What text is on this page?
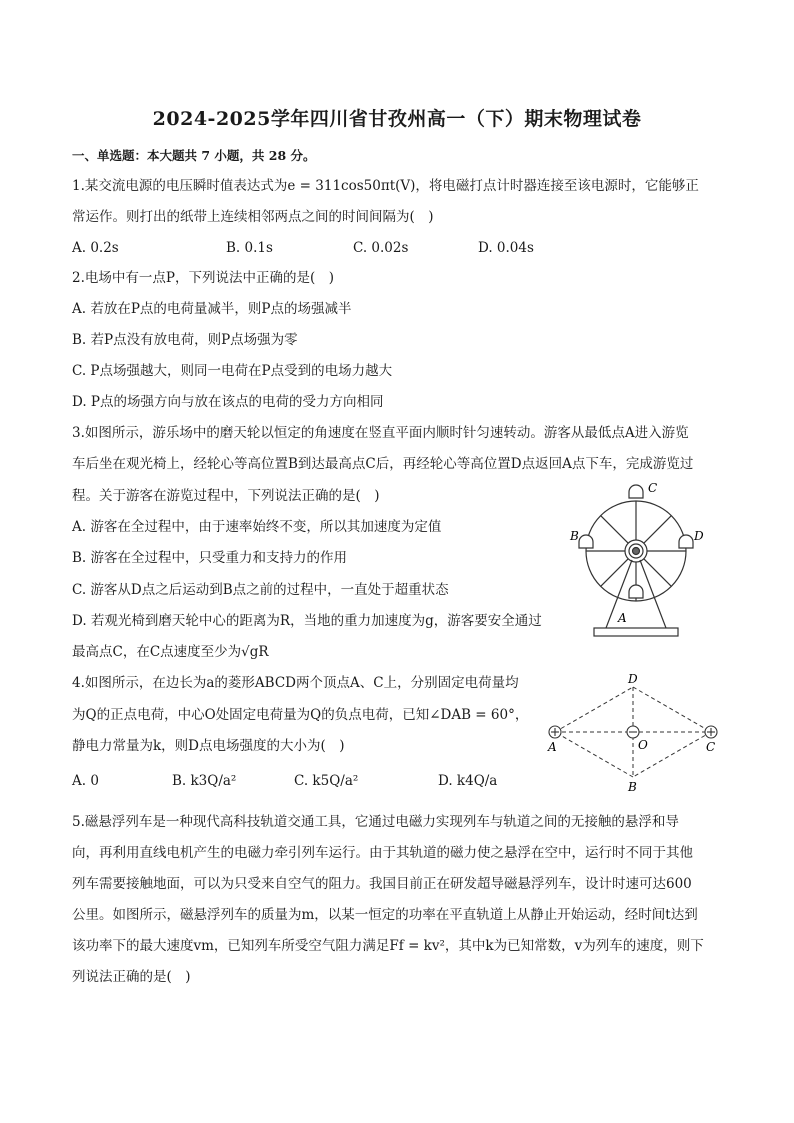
2024-2025学年四川省甘孜州高一（下）期末物理试卷
一、单选题：本大题共 7 小题，共 28 分。
1.某交流电源的电压瞬时值表达式为e = 311cos50πt(V)，将电磁打点计时器连接至该电源时，它能够正
常运作。则打出的纸带上连续相邻两点之间的时间间隔为(　)
A. 0.2s	B. 0.1s	C. 0.02s	D. 0.04s
2.电场中有一点P，下列说法中正确的是(　)
A. 若放在P点的电荷量减半，则P点的场强减半
B. 若P点没有放电荷，则P点场强为零
C. P点场强越大，则同一电荷在P点受到的电场力越大
D. P点的场强方向与放在该点的电荷的受力方向相同
3.如图所示，游乐场中的磨天轮以恒定的角速度在竖直平面内顺时针匀速转动。游客从最低点A进入游览
车后坐在观光椅上，经轮心等高位置B到达最高点C后，再经轮心等高位置D点返回A点下车，完成游览过
程。关于游客在游览过程中，下列说法正确的是(　)
A. 游客在全过程中，由于速率始终不变，所以其加速度为定值
B. 游客在全过程中，只受重力和支持力的作用
C. 游客从D点之后运动到B点之前的过程中，一直处于超重状态
D. 若观光椅到磨天轮中心的距离为R，当地的重力加速度为g，游客要安全通过
最高点C，在C点速度至少为√gR
C
B	D
A
4.如图所示，在边长为a的菱形ABCD两个顶点A、C上，分别固定电荷量均
为Q的正点电荷，中心O处固定电荷量为Q的负点电荷，已知∠DAB = 60°，
静电力常量为k，则D点电场强度的大小为(　)
A. 0	B. k3Q/a²	C. k5Q/a²	D. k4Q/a
D
A	O	C
B
5.磁悬浮列车是一种现代高科技轨道交通工具，它通过电磁力实现列车与轨道之间的无接触的悬浮和导
向，再利用直线电机产生的电磁力牵引列车运行。由于其轨道的磁力使之悬浮在空中，运行时不同于其他
列车需要接触地面，可以为只受来自空气的阻力。我国目前正在研发超导磁悬浮列车，设计时速可达600
公里。如图所示，磁悬浮列车的质量为m，以某一恒定的功率在平直轨道上从静止开始运动，经时间t达到
该功率下的最大速度vm，已知列车所受空气阻力满足Ff = kv²，其中k为已知常数，v为列车的速度，则下
列说法正确的是(　)
